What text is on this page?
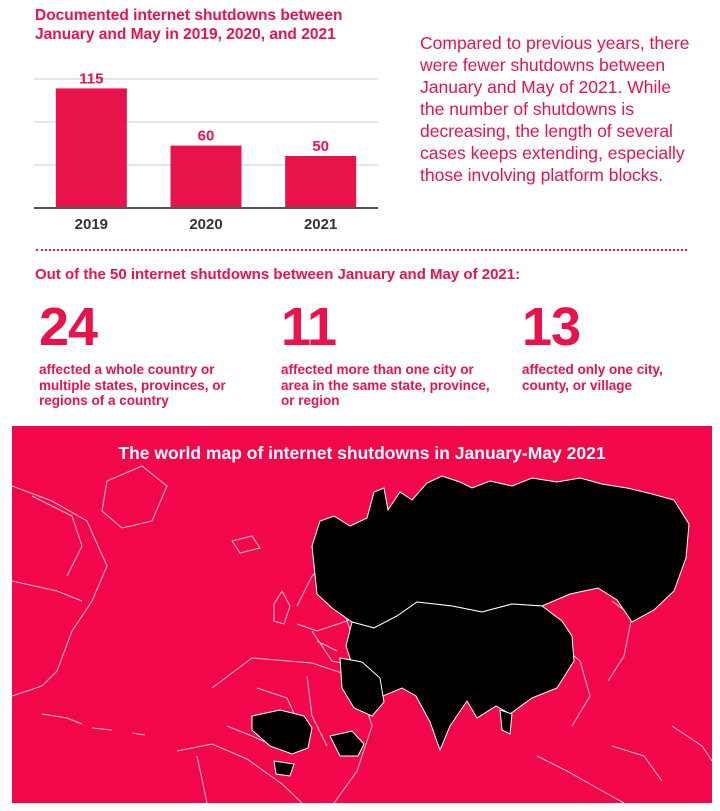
Documented internet shutdowns between January and May in 2019, 2020, and 2021
115
2019
60
2020
50
2021

Compared to previous years, there were fewer shutdowns between January and May of 2021. While the number of shutdowns is decreasing, the length of several cases keeps extending, especially those involving platform blocks.

Out of the 50 internet shutdowns between January and May of 2021:
24
affected a whole country or multiple states, provinces, or regions of a country
11
affected more than one city or area in the same state, province, or region
13
affected only one city, county, or village
The world map of internet shutdowns in January-May 2021
